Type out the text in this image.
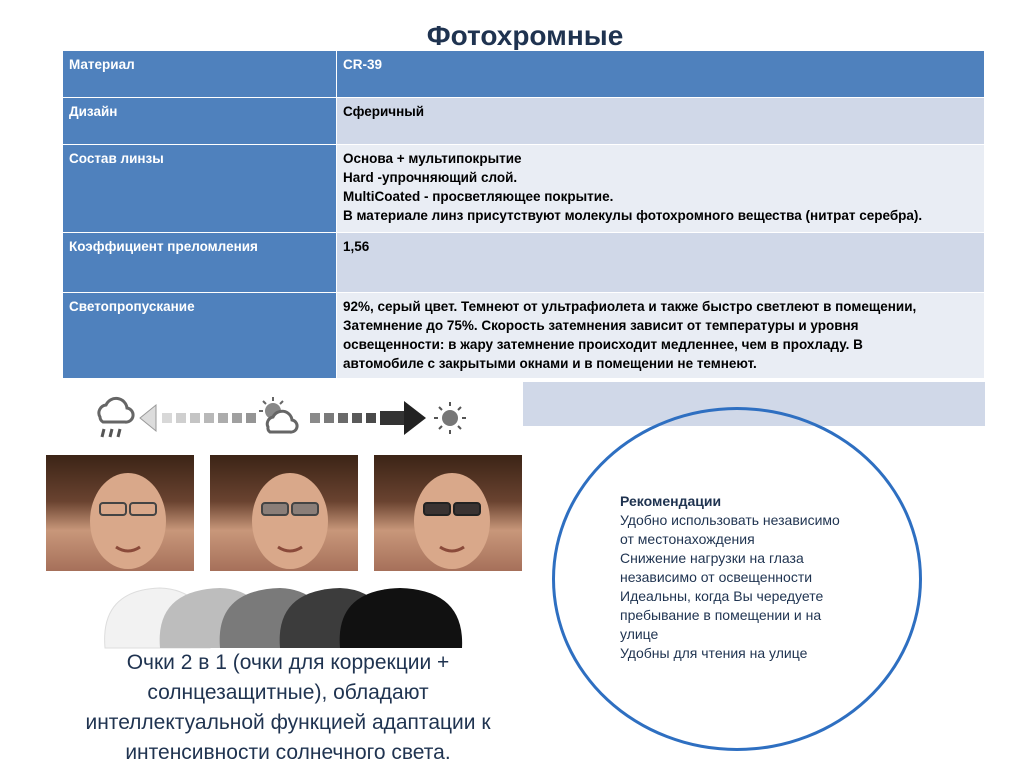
Фотохромные
Материал	CR-39

Дизайн	Сферичный

Состав линзы	Основа + мультипокрытие
Hard -упрочняющий слой.
MultiCoated - просветляющее покрытие.
В материале линз присутствуют молекулы фотохромного вещества (нитрат серебра).

Коэффициент преломления	1,56

Светопропускание	92%, серый цвет. Темнеют от ультрафиолета и также быстро светлеют в помещении,
Затемнение до 75%. Скорость затемнения зависит от температуры и уровня
освещенности: в жару затемнение происходит медленнее, чем в прохладу. В
автомобиле с закрытыми окнами и в помещении не темнеют.
Очки 2 в 1 (очки для коррекции +
солнцезащитные), обладают
интеллектуальной функцией адаптации к
интенсивности солнечного света.
Рекомендации
Удобно использовать независимо
от местонахождения
Снижение нагрузки на глаза
независимо от освещенности
Идеальны, когда Вы чередуете
пребывание в помещении и на
улице
Удобны для чтения на улице
